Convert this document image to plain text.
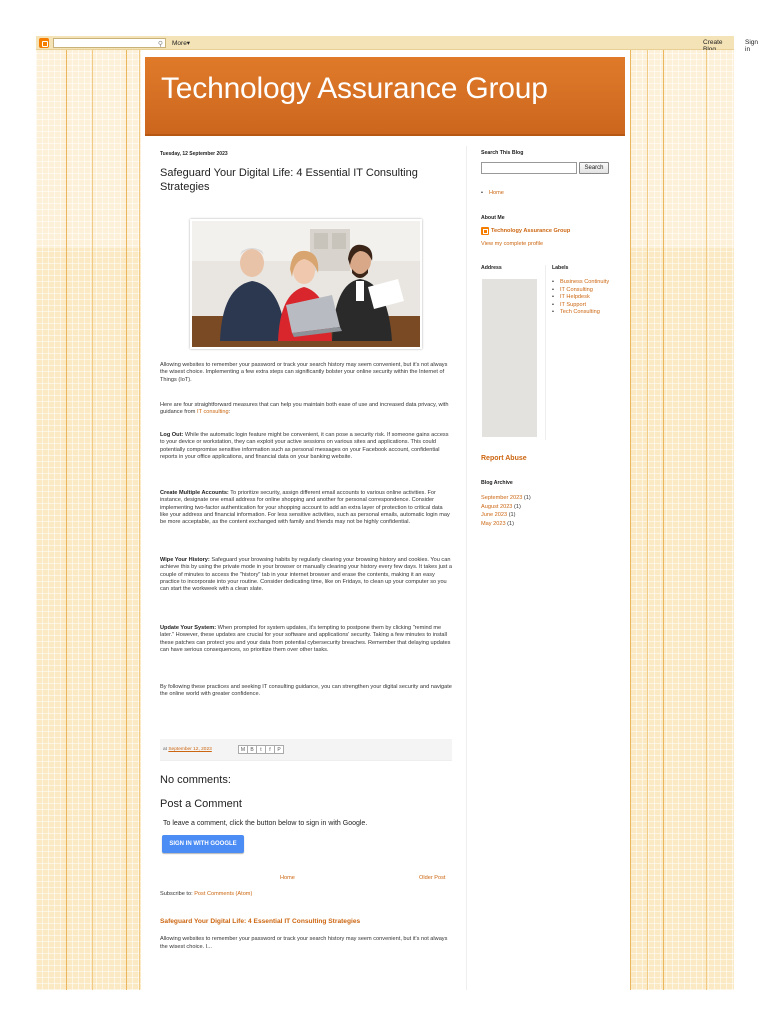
⚲ More▾	Create	Sign in
Technology Assurance Group
Tuesday, 12 September 2023
Safeguard Your Digital Life: 4 Essential IT Consulting Strategies
Allowing websites to remember your password or track your search history may seem convenient, but it's not always the wisest choice. Implementing a few extra steps can significantly bolster your online security within the Internet of Things (IoT).
Here are four straightforward measures that can help you maintain both ease of use and increased data privacy, with guidance from IT consulting:
Log Out: While the automatic login feature might be convenient, it can pose a security risk. If someone gains access to your device or workstation, they can exploit your active sessions on various sites and applications. This could potentially compromise sensitive information such as personal messages on your Facebook account, confidential reports in your office applications, and financial data on your banking website.
Create Multiple Accounts: To prioritize security, assign different email accounts to various online activities. For instance, designate one email address for online shopping and another for personal correspondence. Consider implementing two-factor authentication for your shopping account to add an extra layer of protection to critical data like your address and financial information. For less sensitive activities, such as personal emails, automatic login may be more acceptable, as the content exchanged with family and friends may not be highly confidential.
Wipe Your History: Safeguard your browsing habits by regularly clearing your browsing history and cookies. You can achieve this by using the private mode in your browser or manually clearing your history every few days. It takes just a couple of minutes to access the "history" tab in your internet browser and erase the contents, making it an easy practice to incorporate into your routine. Consider dedicating time, like on Fridays, to clean up your computer so you can start the workweek with a clean slate.
Update Your System: When prompted for system updates, it's tempting to postpone them by clicking "remind me later." However, these updates are crucial for your software and applications' security. Taking a few minutes to install these patches can protect you and your data from potential cybersecurity breaches. Remember that delaying updates can have serious consequences, so prioritize them over other tasks.
By following these practices and seeking IT consulting guidance, you can strengthen your digital security and navigate the online world with greater confidence.
at September 12, 2023	M	B	t	f	P
No comments:
Post a Comment
To leave a comment, click the button below to sign in with Google.
SIGN IN WITH GOOGLE
Home	Older Post
Subscribe to: Post Comments (Atom)
Safeguard Your Digital Life: 4 Essential IT Consulting Strategies
Allowing websites to remember your password or track your search history may seem convenient, but it's not always the wisest choice. I...
Search This Blog
Search
• Home
About Me
Technology Assurance Group
View my complete profile
Address	Labels
• Business Continuity
• IT Consulting
• IT Helpdesk
• IT Support
• Tech Consulting
Report Abuse
Blog Archive
September 2023 (1)
August 2023 (1)
June 2023 (1)
May 2023 (1)
